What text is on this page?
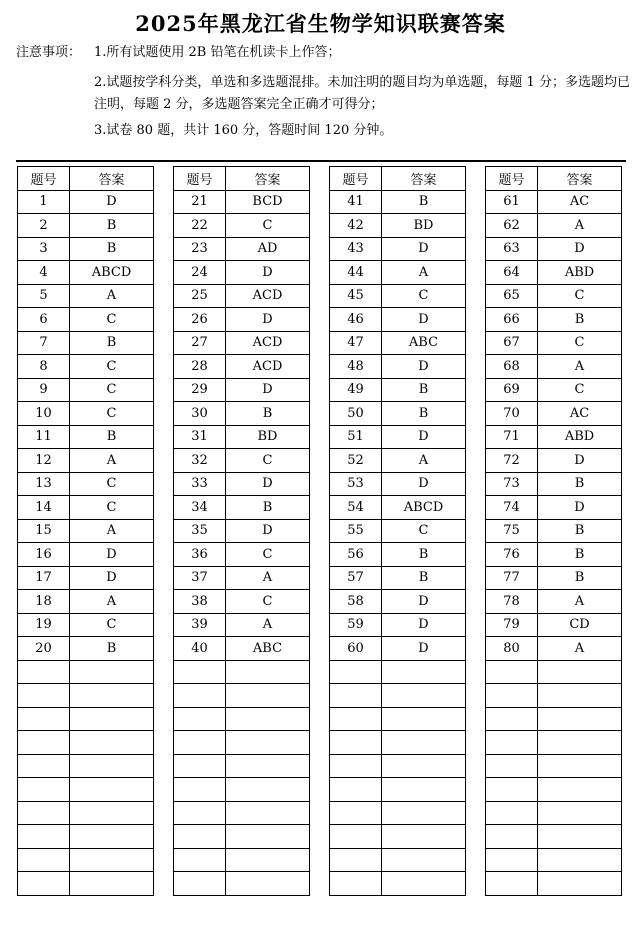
2025年黑龙江省生物学知识联赛答案
注意事项： 1.所有试题使用 2B 铅笔在机读卡上作答；
2.试题按学科分类，单选和多选题混排。未加注明的题目均为单选题，每题 1 分；多选题均已注明，每题 2 分，多选题答案完全正确才可得分；
3.试卷 80 题，共计 160 分，答题时间 120 分钟。
题号	答案
1	D
2	B
3	B
4	ABCD
5	A
6	C
7	B
8	C
9	C
10	C
11	B
12	A
13	C
14	C
15	A
16	D
17	D
18	A
19	C
20	B

题号	答案
21	BCD
22	C
23	AD
24	D
25	ACD
26	D
27	ACD
28	ACD
29	D
30	B
31	BD
32	C
33	D
34	B
35	D
36	C
37	A
38	C
39	A
40	ABC

题号	答案
41	B
42	BD
43	D
44	A
45	C
46	D
47	ABC
48	D
49	B
50	B
51	D
52	A
53	D
54	ABCD
55	C
56	B
57	B
58	D
59	D
60	D

题号	答案
61	AC
62	A
63	D
64	ABD
65	C
66	B
67	C
68	A
69	C
70	AC
71	ABD
72	D
73	B
74	D
75	B
76	B
77	B
78	A
79	CD
80	A
